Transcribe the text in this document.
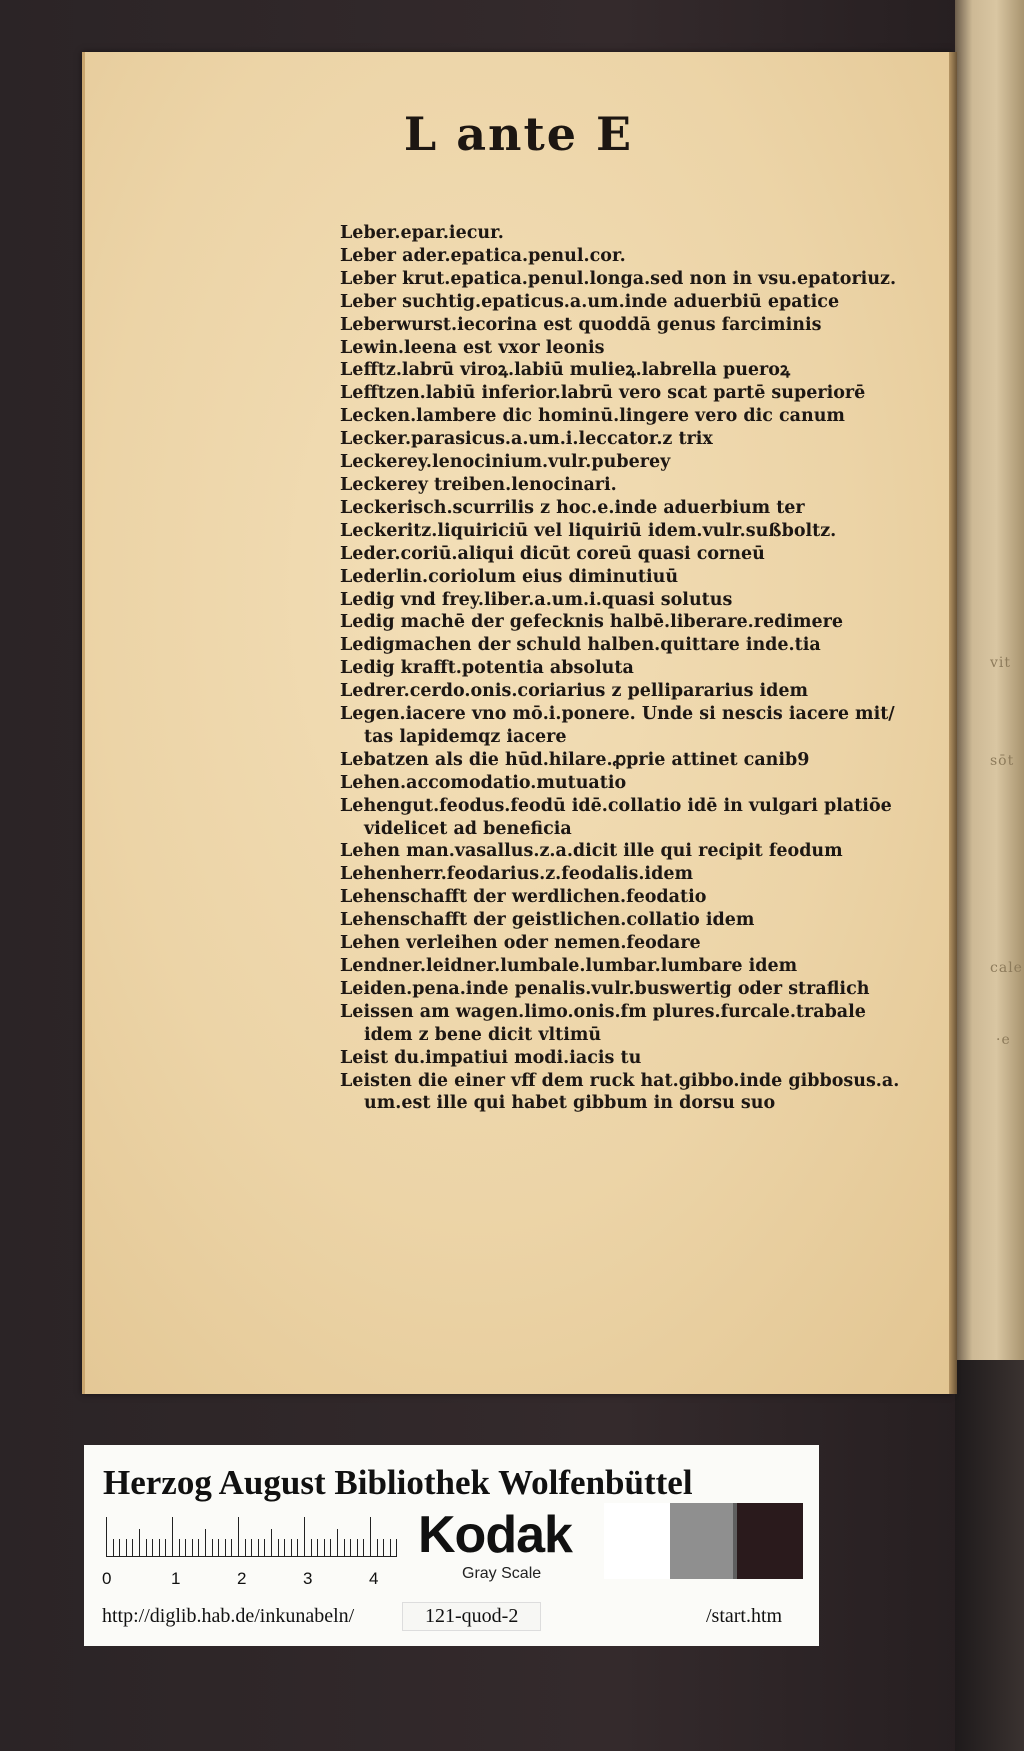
L ante E
Leber.epar.iecur.
Leber ader.epatica.penul.cor.
Leber krut.epatica.penul.longa.sed non in vsu.epatoriuz.
Leber suchtig.epaticus.a.um.inde aduerbiū epatice
Leberwurst.iecorina est quoddā genus farciminis
Lewin.leena est vxor leonis
Lefftz.labrū viroꝝ.labiū mulieꝝ.labrella pueroꝝ
Lefftzen.labiū inferior.labrū vero scat partē superiorē
Lecken.lambere dic hominū.lingere vero dic canum
Lecker.parasicus.a.um.i.leccator.z trix
Leckerey.lenocinium.vulr.puberey
Leckerey treiben.lenocinari.
Leckerisch.scurrilis z hoc.e.inde aduerbium ter
Leckeritz.liquiriciū vel liquiriū idem.vulr.sußboltz.
Leder.coriū.aliqui dicūt coreū quasi corneū
Lederlin.coriolum eius diminutiuū
Ledig vnd frey.liber.a.um.i.quasi solutus
Ledig machē der gefecknis halbē.liberare.redimere
Ledigmachen der schuld halben.quittare inde.tia
Ledig krafft.potentia absoluta
Ledrer.cerdo.onis.coriarius z pellipararius idem
Legen.iacere vno mō.i.ponere. Unde si nescis iacere mit/
tas lapidemqz iacere
Lebatzen als die hūd.hilare.ꝓprie attinet canib9
Lehen.accomodatio.mutuatio
Lehengut.feodus.feodū idē.collatio idē in vulgari platiōe
videlicet ad beneficia
Lehen man.vasallus.z.a.dicit ille qui recipit feodum
Lehenherr.feodarius.z.feodalis.idem
Lehenschafft der werdlichen.feodatio
Lehenschafft der geistlichen.collatio idem
Lehen verleihen oder nemen.feodare
Lendner.leidner.lumbale.lumbar.lumbare idem
Leiden.pena.inde penalis.vulr.buswertig oder straflich
Leissen am wagen.limo.onis.fm plures.furcale.trabale
idem z bene dicit vltimū
Leist du.impatiui modi.iacis tu
Leisten die einer vff dem ruck hat.gibbo.inde gibbosus.a.
um.est ille qui habet gibbum in dorsu suo
vit
sōt
cale
·e
Herzog August Bibliothek Wolfenbüttel
0	1	2	3	4
Kodak
Gray Scale
http://diglib.hab.de/inkunabeln/	121-quod-2	/start.htm
